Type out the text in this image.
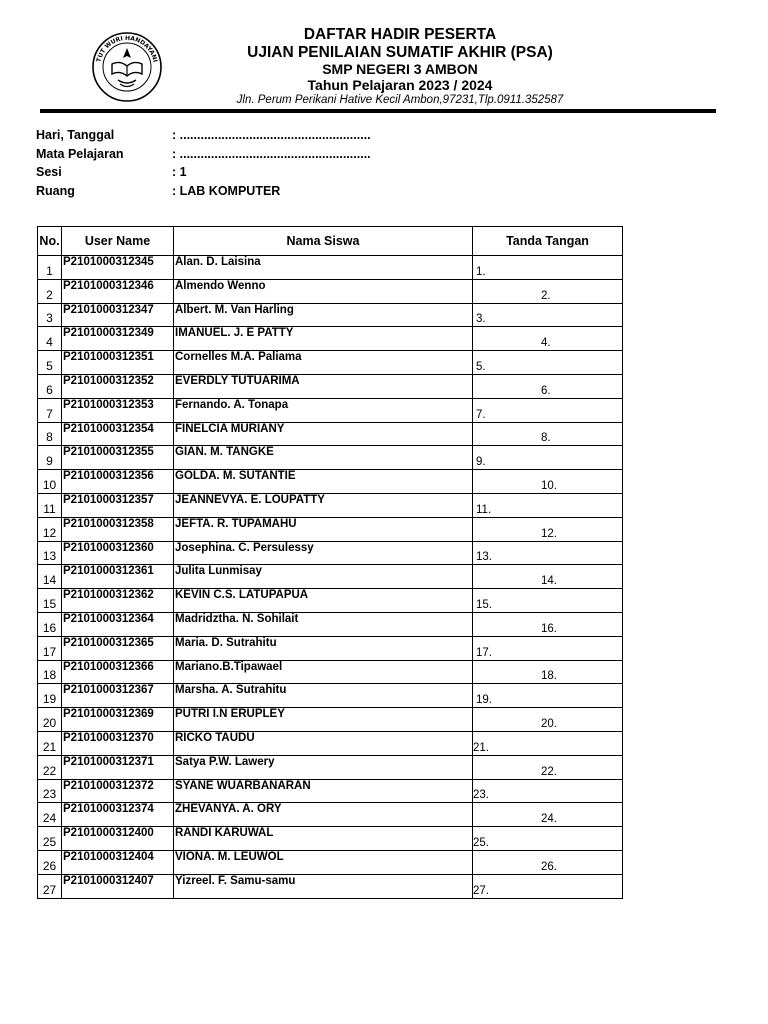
TUT WURI HANDAYANI
DAFTAR HADIR PESERTA
UJIAN PENILAIAN SUMATIF AKHIR (PSA)
SMP NEGERI 3 AMBON
Tahun Pelajaran 2023 / 2024
Jln. Perum Perikani Hative Kecil Ambon,97231,Tlp.0911.352587
Hari, Tanggal	: .......................................................
Mata Pelajaran	: .......................................................
Sesi	: 1
Ruang	: LAB KOMPUTER
No.	User Name	Nama Siswa	Tanda Tangan
1	P2101000312345	Alan. D. Laisina	1.
2	P2101000312346	Almendo Wenno	2.
3	P2101000312347	Albert. M. Van Harling	3.
4	P2101000312349	IMANUEL. J. E PATTY	4.
5	P2101000312351	Cornelles M.A. Paliama	5.
6	P2101000312352	EVERDLY TUTUARIMA	6.
7	P2101000312353	Fernando. A. Tonapa	7.
8	P2101000312354	FINELCIA MURIANY	8.
9	P2101000312355	GIAN. M. TANGKE	9.
10	P2101000312356	GOLDA. M. SUTANTIE	10.
11	P2101000312357	JEANNEVYA. E. LOUPATTY	11.
12	P2101000312358	JEFTA. R. TUPAMAHU	12.
13	P2101000312360	Josephina. C. Persulessy	13.
14	P2101000312361	Julita Lunmisay	14.
15	P2101000312362	KEVIN C.S. LATUPAPUA	15.
16	P2101000312364	Madridztha. N. Sohilait	16.
17	P2101000312365	Maria. D. Sutrahitu	17.
18	P2101000312366	Mariano.B.Tipawael	18.
19	P2101000312367	Marsha. A. Sutrahitu	19.
20	P2101000312369	PUTRI I.N ERUPLEY	20.
21	P2101000312370	RICKO TAUDU	21.
22	P2101000312371	Satya P.W. Lawery	22.
23	P2101000312372	SYANE WUARBANARAN	23.
24	P2101000312374	ZHEVANYA. A. ORY	24.
25	P2101000312400	RANDI KARUWAL	25.
26	P2101000312404	VIONA. M. LEUWOL	26.
27	P2101000312407	Yizreel. F. Samu-samu	27.
